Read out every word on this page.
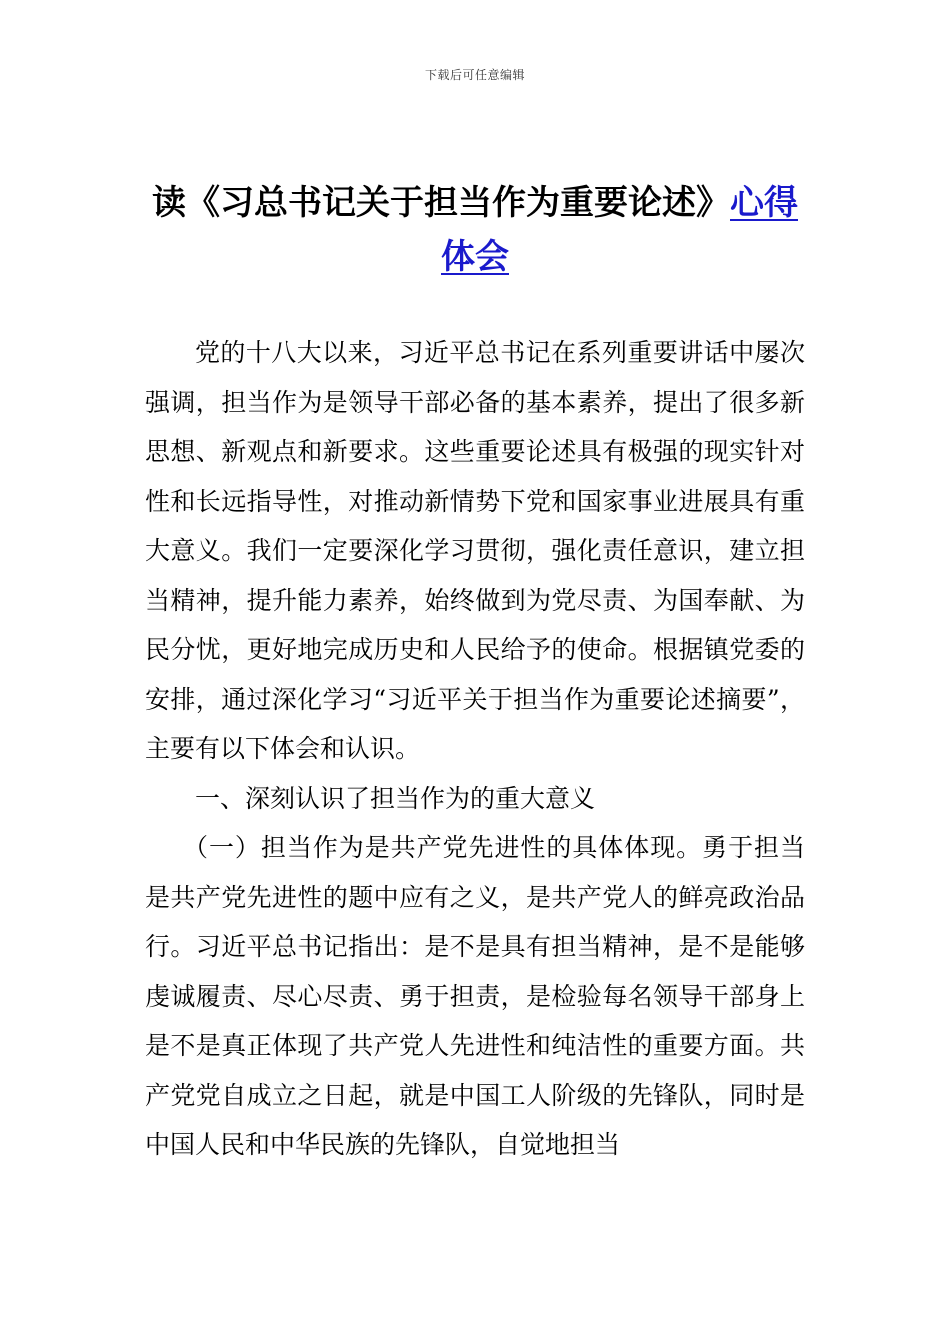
下载后可任意编辑
读《习总书记关于担当作为重要论述》心得体会

党的十八大以来，习近平总书记在系列重要讲话中屡次强调，担当作为是领导干部必备的基本素养，提出了很多新思想、新观点和新要求。这些重要论述具有极强的现实针对性和长远指导性，对推动新情势下党和国家事业进展具有重大意义。我们一定要深化学习贯彻，强化责任意识，建立担当精神，提升能力素养，始终做到为党尽责、为国奉献、为民分忧，更好地完成历史和人民给予的使命。根据镇党委的安排，通过深化学习“习近平关于担当作为重要论述摘要”，主要有以下体会和认识。

一、深刻认识了担当作为的重大意义

（一）担当作为是共产党先进性的具体体现。勇于担当是共产党先进性的题中应有之义，是共产党人的鲜亮政治品行。习近平总书记指出：是不是具有担当精神，是不是能够虔诚履责、尽心尽责、勇于担责，是检验每名领导干部身上是不是真正体现了共产党人先进性和纯洁性的重要方面。共产党党自成立之日起，就是中国工人阶级的先锋队，同时是中国人民和中华民族的先锋队，自觉地担当
